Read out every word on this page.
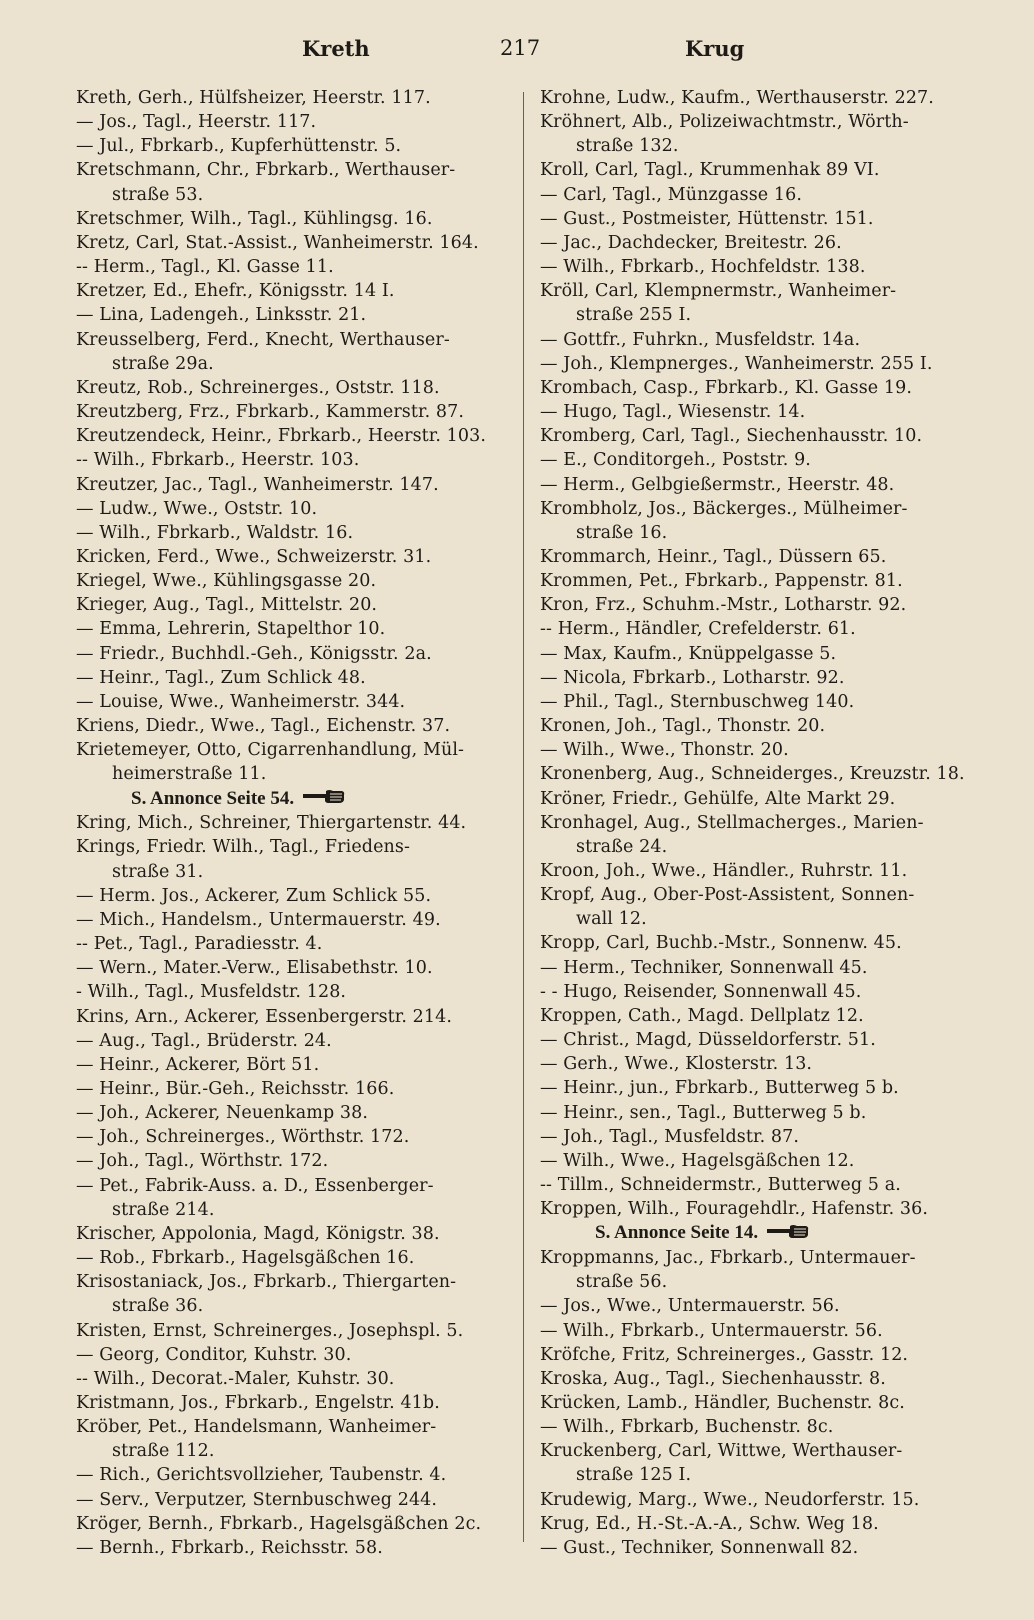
Kreth	217	Krug
Kreth, Gerh., Hülfsheizer, Heerstr. 117.
— Jos., Tagl., Heerstr. 117.
— Jul., Fbrkarb., Kupferhüttenstr. 5.
Kretschmann, Chr., Fbrkarb., Werthauser-
straße 53.
Kretschmer, Wilh., Tagl., Kühlingsg. 16.
Kretz, Carl, Stat.-Assist., Wanheimerstr. 164.
-- Herm., Tagl., Kl. Gasse 11.
Kretzer, Ed., Ehefr., Königsstr. 14 I.
— Lina, Ladengeh., Linksstr. 21.
Kreusselberg, Ferd., Knecht, Werthauser-
straße 29a.
Kreutz, Rob., Schreinerges., Oststr. 118.
Kreutzberg, Frz., Fbrkarb., Kammerstr. 87.
Kreutzendeck, Heinr., Fbrkarb., Heerstr. 103.
-- Wilh., Fbrkarb., Heerstr. 103.
Kreutzer, Jac., Tagl., Wanheimerstr. 147.
— Ludw., Wwe., Oststr. 10.
— Wilh., Fbrkarb., Waldstr. 16.
Kricken, Ferd., Wwe., Schweizerstr. 31.
Kriegel, Wwe., Kühlingsgasse 20.
Krieger, Aug., Tagl., Mittelstr. 20.
— Emma, Lehrerin, Stapelthor 10.
— Friedr., Buchhdl.-Geh., Königsstr. 2a.
— Heinr., Tagl., Zum Schlick 48.
— Louise, Wwe., Wanheimerstr. 344.
Kriens, Diedr., Wwe., Tagl., Eichenstr. 37.
Krietemeyer, Otto, Cigarrenhandlung, Mül-
heimerstraße 11.
S. Annonce Seite 54.
Kring, Mich., Schreiner, Thiergartenstr. 44.
Krings, Friedr. Wilh., Tagl., Friedens-
straße 31.
— Herm. Jos., Ackerer, Zum Schlick 55.
— Mich., Handelsm., Untermauerstr. 49.
-- Pet., Tagl., Paradiesstr. 4.
— Wern., Mater.-Verw., Elisabethstr. 10.
- Wilh., Tagl., Musfeldstr. 128.
Krins, Arn., Ackerer, Essenbergerstr. 214.
— Aug., Tagl., Brüderstr. 24.
— Heinr., Ackerer, Bört 51.
— Heinr., Bür.-Geh., Reichsstr. 166.
— Joh., Ackerer, Neuenkamp 38.
— Joh., Schreinerges., Wörthstr. 172.
— Joh., Tagl., Wörthstr. 172.
— Pet., Fabrik-Auss. a. D., Essenberger-
straße 214.
Krischer, Appolonia, Magd, Königstr. 38.
— Rob., Fbrkarb., Hagelsgäßchen 16.
Krisostaniack, Jos., Fbrkarb., Thiergarten-
straße 36.
Kristen, Ernst, Schreinerges., Josephspl. 5.
— Georg, Conditor, Kuhstr. 30.
-- Wilh., Decorat.-Maler, Kuhstr. 30.
Kristmann, Jos., Fbrkarb., Engelstr. 41b.
Kröber, Pet., Handelsmann, Wanheimer-
straße 112.
— Rich., Gerichtsvollzieher, Taubenstr. 4.
— Serv., Verputzer, Sternbuschweg 244.
Kröger, Bernh., Fbrkarb., Hagelsgäßchen 2c.
— Bernh., Fbrkarb., Reichsstr. 58.
Krohne, Ludw., Kaufm., Werthauserstr. 227.
Kröhnert, Alb., Polizeiwachtmstr., Wörth-
straße 132.
Kroll, Carl, Tagl., Krummenhak 89 VI.
— Carl, Tagl., Münzgasse 16.
— Gust., Postmeister, Hüttenstr. 151.
— Jac., Dachdecker, Breitestr. 26.
— Wilh., Fbrkarb., Hochfeldstr. 138.
Kröll, Carl, Klempnermstr., Wanheimer-
straße 255 I.
— Gottfr., Fuhrkn., Musfeldstr. 14a.
— Joh., Klempnerges., Wanheimerstr. 255 I.
Krombach, Casp., Fbrkarb., Kl. Gasse 19.
— Hugo, Tagl., Wiesenstr. 14.
Kromberg, Carl, Tagl., Siechenhausstr. 10.
— E., Conditorgeh., Poststr. 9.
— Herm., Gelbgießermstr., Heerstr. 48.
Krombholz, Jos., Bäckerges., Mülheimer-
straße 16.
Krommarch, Heinr., Tagl., Düssern 65.
Krommen, Pet., Fbrkarb., Pappenstr. 81.
Kron, Frz., Schuhm.-Mstr., Lotharstr. 92.
-- Herm., Händler, Crefelderstr. 61.
— Max, Kaufm., Knüppelgasse 5.
— Nicola, Fbrkarb., Lotharstr. 92.
— Phil., Tagl., Sternbuschweg 140.
Kronen, Joh., Tagl., Thonstr. 20.
— Wilh., Wwe., Thonstr. 20.
Kronenberg, Aug., Schneiderges., Kreuzstr. 18.
Kröner, Friedr., Gehülfe, Alte Markt 29.
Kronhagel, Aug., Stellmacherges., Marien-
straße 24.
Kroon, Joh., Wwe., Händler., Ruhrstr. 11.
Kropf, Aug., Ober-Post-Assistent, Sonnen-
wall 12.
Kropp, Carl, Buchb.-Mstr., Sonnenw. 45.
— Herm., Techniker, Sonnenwall 45.
- - Hugo, Reisender, Sonnenwall 45.
Kroppen, Cath., Magd. Dellplatz 12.
— Christ., Magd, Düsseldorferstr. 51.
— Gerh., Wwe., Klosterstr. 13.
— Heinr., jun., Fbrkarb., Butterweg 5 b.
— Heinr., sen., Tagl., Butterweg 5 b.
— Joh., Tagl., Musfeldstr. 87.
— Wilh., Wwe., Hagelsgäßchen 12.
-- Tillm., Schneidermstr., Butterweg 5 a.
Kroppen, Wilh., Fouragehdlr., Hafenstr. 36.
S. Annonce Seite 14.
Kroppmanns, Jac., Fbrkarb., Untermauer-
straße 56.
— Jos., Wwe., Untermauerstr. 56.
— Wilh., Fbrkarb., Untermauerstr. 56.
Kröfche, Fritz, Schreinerges., Gasstr. 12.
Kroska, Aug., Tagl., Siechenhausstr. 8.
Krücken, Lamb., Händler, Buchenstr. 8c.
— Wilh., Fbrkarb, Buchenstr. 8c.
Kruckenberg, Carl, Wittwe, Werthauser-
straße 125 I.
Krudewig, Marg., Wwe., Neudorferstr. 15.
Krug, Ed., H.-St.-A.-A., Schw. Weg 18.
— Gust., Techniker, Sonnenwall 82.
